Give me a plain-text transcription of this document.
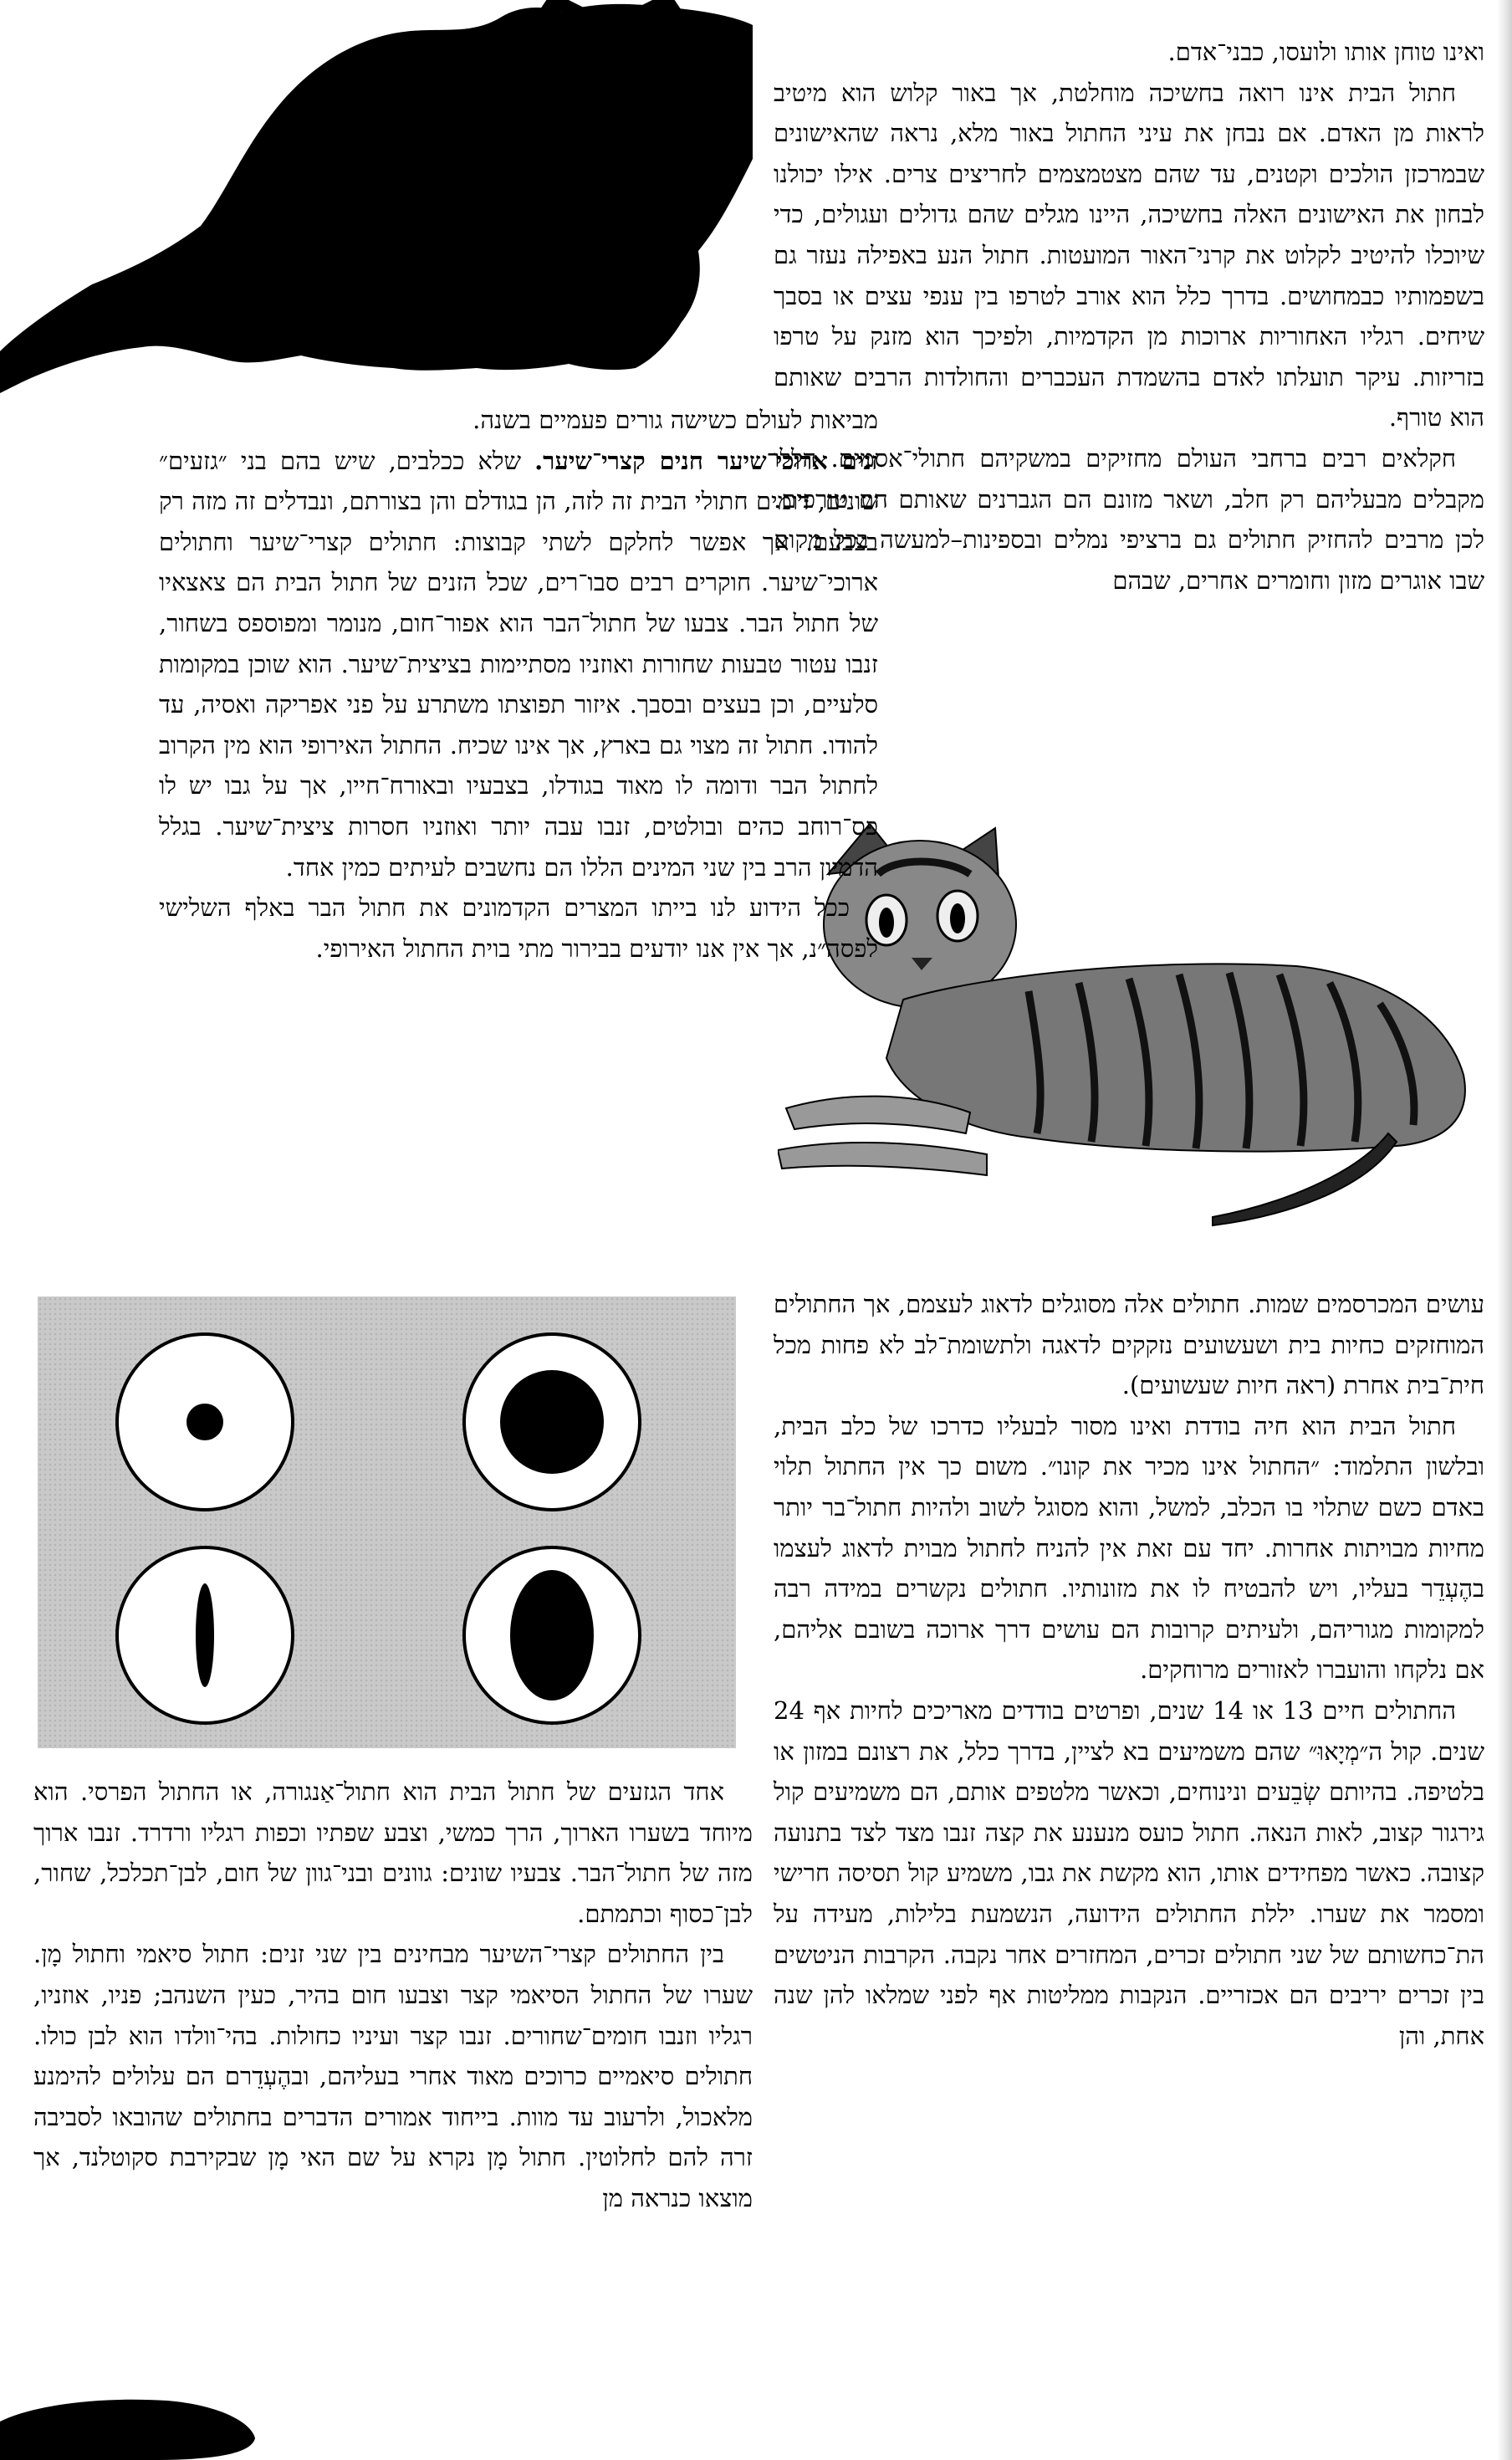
ואינו טוחן אותו ולועסו, כבני־אדם.

חתול הבית אינו רואה בחשיכה מוחלטת, אך באור קלוש הוא מיטיב לראות מן האדם. אם נבחן את עיני החתול באור מלא, נראה שהאישונים שבמרכזן הולכים וקטנים, עד שהם מצטמצמים לחריצים צרים. אילו יכולנו לבחון את האישונים האלה בחשיכה, היינו מגלים שהם גדולים ועגולים, כדי שיוכלו להיטיב לקלוט את קרני־האור המועטות. חתול הנע באפילה נעזר גם בשפמותיו כבמחושים. בדרך כלל הוא אורב לטרפו בין ענפי עצים או בסבך שיחים. רגליו האחוריות ארוכות מן הקדמיות, ולפיכך הוא מזנק על טרפו בזריזות. עיקר תועלתו לאדם בהשמדת העכברים והחולדות הרבים שאותם הוא טורף.

חקלאים רבים ברחבי העולם מחזיקים במשקיהם חתולי־אסמים. הללו מקבלים מבעליהם רק חלב, ושאר מזונם הם הגברנים שאותם הם טורפים. לכן מרבים להחזיק חתולים גם ברציפי נמלים ובספינות–למעשה בכל מקום שבו אוגרים מזון וחומרים אחרים, שבהם

מביאות לעולם כשישה גורים פעמיים בשנה.

זנים ארוכי־שיער חנים קצרי־שיער. שלא ככלבים, שיש בהם בני ״גזעים״ שונים, דומים חתולי הבית זה לזה, הן בגודלם והן בצורתם, ונבדלים זה מזה רק בצבעם. אך אפשר לחלקם לשתי קבוצות: חתולים קצרי־שיער וחתולים ארוכי־שיער. חוקרים רבים סבו־רים, שכל הזנים של חתול הבית הם צאצאיו של חתול הבר. צבעו של חתול־הבר הוא אפור־חום, מנומר ומפוספס בשחור, זנבו עטור טבעות שחורות ואוזניו מסתיימות בציצית־שיער. הוא שוכן במקומות סלעיים, וכן בעצים ובסבך. איזור תפוצתו משתרע על פני אפריקה ואסיה, עד להודו. חתול זה מצוי גם בארץ, אך אינו שכיח. החתול האירופי הוא מין הקרוב לחתול הבר ודומה לו מאוד בגודלו, בצבעיו ובאורח־חייו, אך על גבו יש לו פס־רוחב כהים ובולטים, זנבו עבה יותר ואוזניו חסרות ציצית־שיער. בגלל הדמיון הרב בין שני המינים הללו הם נחשבים לעיתים כמין אחד.

ככל הידוע לנו בייתו המצרים הקדמונים את חתול הבר באלף השלישי לפסה״נ, אך אין אנו יודעים בבירור מתי בוית החתול האירופי.

עושים המכרסמים שמות. חתולים אלה מסוגלים לדאוג לעצמם, אך החתולים המוחזקים כחיות בית ושעשועים נזקקים לדאגה ולתשומת־לב לא פחות מכל חית־בית אחרת (ראה חיות שעשועים).

חתול הבית הוא חיה בודדת ואינו מסור לבעליו כדרכו של כלב הבית, ובלשון התלמוד: ״החתול אינו מכיר את קונו״. משום כך אין החתול תלוי באדם כשם שתלוי בו הכלב, למשל, והוא מסוגל לשוב ולהיות חתול־בר יותר מחיות מבויתות אחרות. יחד עם זאת אין להניח לחתול מבוית לדאוג לעצמו בהֶעְדֵר בעליו, ויש להבטיח לו את מזונותיו. חתולים נקשרים במידה רבה למקומות מגוריהם, ולעיתים קרובות הם עושים דרך ארוכה בשובם אליהם, אם נלקחו והועברו לאזורים מרוחקים.

החתולים חיים 13 או 14 שנים, ופרטים בודדים מאריכים לחיות אף 24 שנים. קול ה״מְיָאוּ״ שהם משמיעים בא לציין, בדרך כלל, את רצונם במזון או בלטיפה. בהיותם שְׂבֵעים ונינוחים, וכאשר מלטפים אותם, הם משמיעים קול גירגור קצוב, לאות הנאה. חתול כועס מנענע את קצה זנבו מצד לצד בתנועה קצובה. כאשר מפחידים אותו, הוא מקשת את גבו, משמיע קול תסיסה חרישי ומסמר את שערו. יללת החתולים הידועה, הנשמעת בלילות, מעידה על הת־כחשותם של שני חתולים זכרים, המחזרים אחר נקבה. הקרבות הניטשים בין זכרים יריבים הם אכזריים. הנקבות ממליטות אף לפני שמלאו להן שנה אחת, והן

אחד הגזעים של חתול הבית הוא חתול־אַנגורה, או החתול הפרסי. הוא מיוחד בשערו הארוך, הרך כמשי, וצבע שפתיו וכפות רגליו ורדרד. זנבו ארוך מזה של חתול־הבר. צבעיו שונים: גוונים ובני־גוון של חום, לבן־תכלכל, שחור, לבן־כסוף וכתמתם.

בין החתולים קצרי־השיער מבחינים בין שני זנים: חתול סיאמי וחתול מָן. שערו של החתול הסיאמי קצר וצבעו חום בהיר, כעין השנהב; פניו, אוזניו, רגליו וזנבו חומים־שחורים. זנבו קצר ועיניו כחולות. בהי־וולדו הוא לבן כולו. חתולים סיאמיים כרוכים מאוד אחרי בעליהם, ובהֶעְדֵרם הם עלולים להימנע מלאכול, ולרעוב עד מוות. בייחוד אמורים הדברים בחתולים שהובאו לסביבה זרה להם לחלוטין. חתול מָן נקרא על שם האי מָן שבקירבת סקוטלנד, אך מוצאו כנראה מן
